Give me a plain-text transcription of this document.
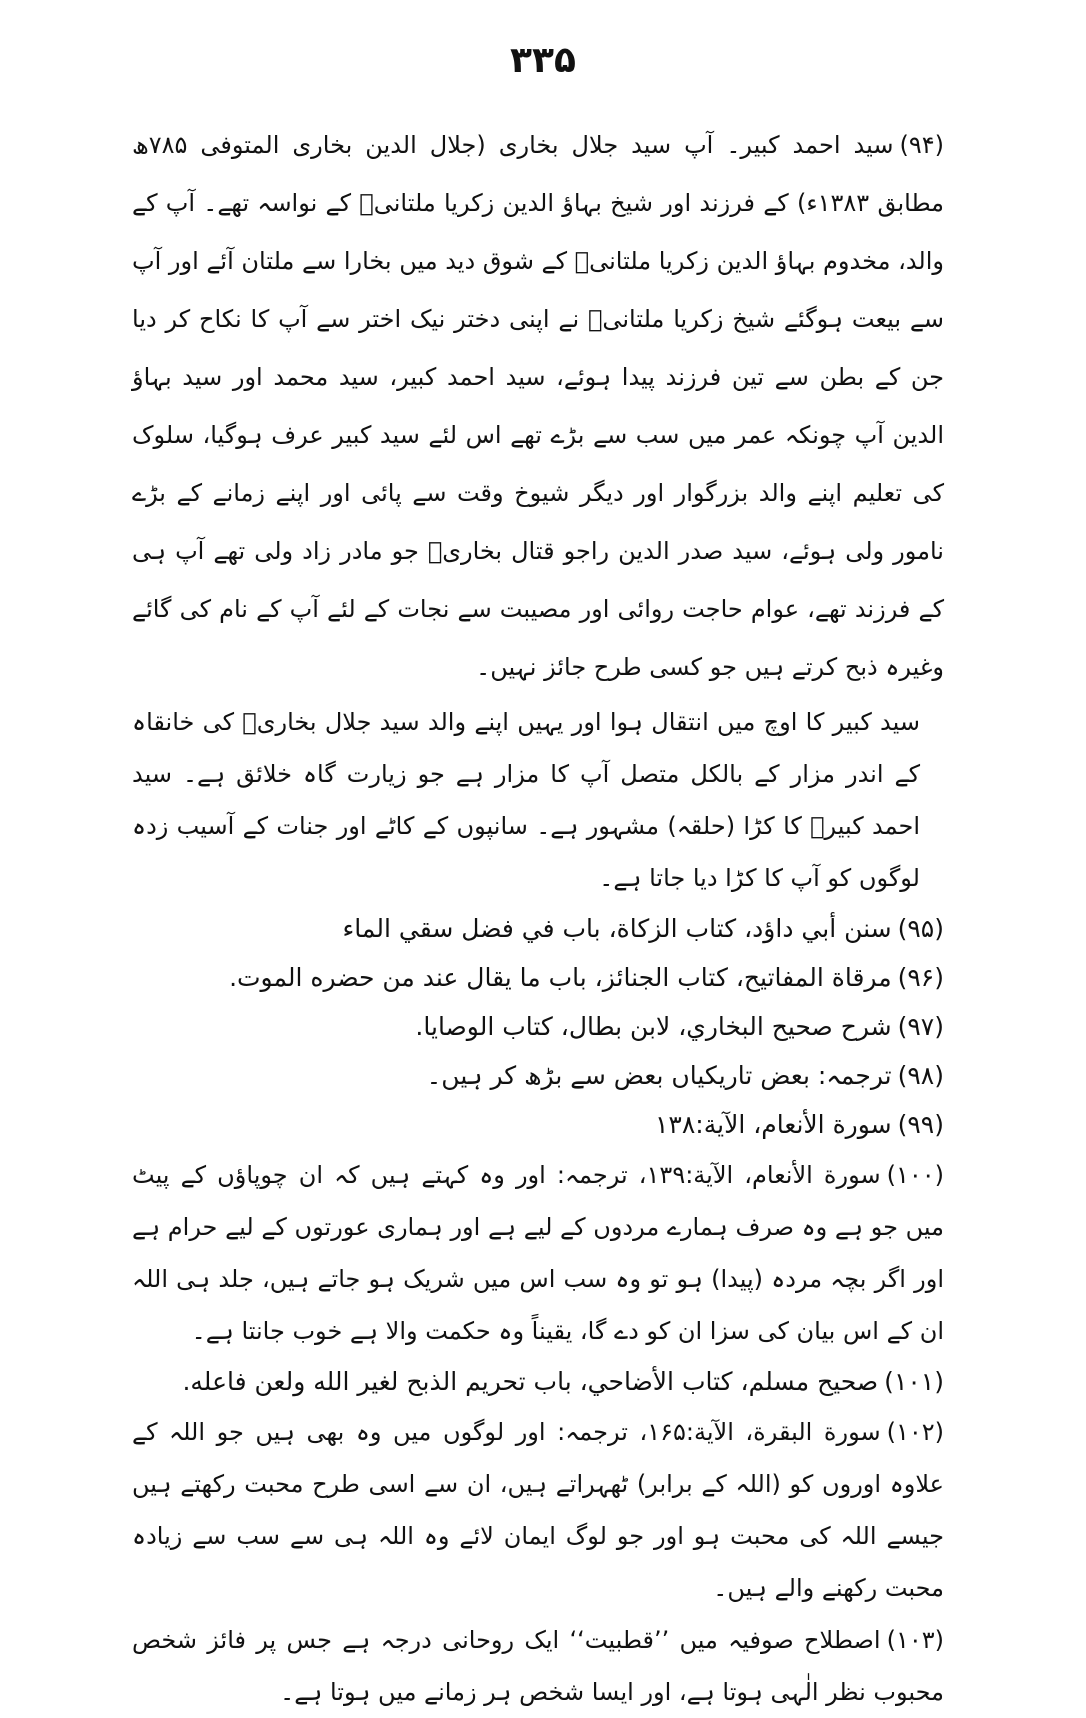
۳۳۵

(۹۴)سید احمد کبیر۔ آپ سید جلال بخاری (جلال الدین بخاری المتوفی ۷۸۵ھ مطابق ۱۳۸۳ء) کے فرزند اور شیخ بہاؤ الدین زکریا ملتانیؒ کے نواسہ تھے۔ آپ کے والد، مخدوم بہاؤ الدین زکریا ملتانیؒ کے شوق دید میں بخارا سے ملتان آئے اور آپ سے بیعت ہوگئے شیخ زکریا ملتانیؒ نے اپنی دختر نیک اختر سے آپ کا نکاح کر دیا جن کے بطن سے تین فرزند پیدا ہوئے، سید احمد کبیر، سید محمد اور سید بہاؤ الدین آپ چونکہ عمر میں سب سے بڑے تھے اس لئے سید کبیر عرف ہوگیا، سلوک کی تعلیم اپنے والد بزرگوار اور دیگر شیوخ وقت سے پائی اور اپنے زمانے کے بڑے نامور ولی ہوئے، سید صدر الدین راجو قتال بخاریؒ جو مادر زاد ولی تھے آپ ہی کے فرزند تھے، عوام حاجت روائی اور مصیبت سے نجات کے لئے آپ کے نام کی گائے وغیرہ ذبح کرتے ہیں جو کسی طرح جائز نہیں۔

سید کبیر کا اوچ میں انتقال ہوا اور یہیں اپنے والد سید جلال بخاریؒ کی خانقاہ کے اندر مزار کے بالکل متصل آپ کا مزار ہے جو زیارت گاہ خلائق ہے۔ سید احمد کبیرؒ کا کڑا (حلقہ) مشہور ہے۔ سانپوں کے کاٹے اور جنات کے آسیب زدہ لوگوں کو آپ کا کڑا دیا جاتا ہے۔

(۹۵)سنن أبي داؤد، كتاب الزكاة، باب في فضل سقي الماء

(۹۶)مرقاة المفاتيح، كتاب الجنائز، باب ما يقال عند من حضره الموت.

(۹۷)شرح صحيح البخاري، لابن بطال، كتاب الوصايا.

(۹۸)ترجمہ: بعض تاریکیاں بعض سے بڑھ کر ہیں۔

(۹۹)سورة الأنعام، الآية:۱۳۸

(۱۰۰)سورة الأنعام، الآية:۱۳۹، ترجمہ: اور وہ کہتے ہیں کہ ان چوپاؤں کے پیٹ میں جو ہے وہ صرف ہمارے مردوں کے لیے ہے اور ہماری عورتوں کے لیے حرام ہے اور اگر بچہ مردہ (پیدا) ہو تو وہ سب اس میں شریک ہو جاتے ہیں، جلد ہی اللہ ان کے اس بیان کی سزا ان کو دے گا، یقیناً وہ حکمت والا ہے خوب جانتا ہے۔

(۱۰۱)صحیح مسلم، كتاب الأضاحي، باب تحريم الذبح لغير الله ولعن فاعله.

(۱۰۲)سورة البقرة، الآية:۱۶۵، ترجمہ: اور لوگوں میں وہ بھی ہیں جو اللہ کے علاوہ اوروں کو (اللہ کے برابر) ٹھہراتے ہیں، ان سے اسی طرح محبت رکھتے ہیں جیسے اللہ کی محبت ہو اور جو لوگ ایمان لائے وہ اللہ ہی سے سب سے زیادہ محبت رکھنے والے ہیں۔

(۱۰۳)اصطلاح صوفیہ میں ’’قطبیت‘‘ ایک روحانی درجہ ہے جس پر فائز شخص محبوب نظر الٰہی ہوتا ہے، اور ایسا شخص ہر زمانے میں ہوتا ہے۔
